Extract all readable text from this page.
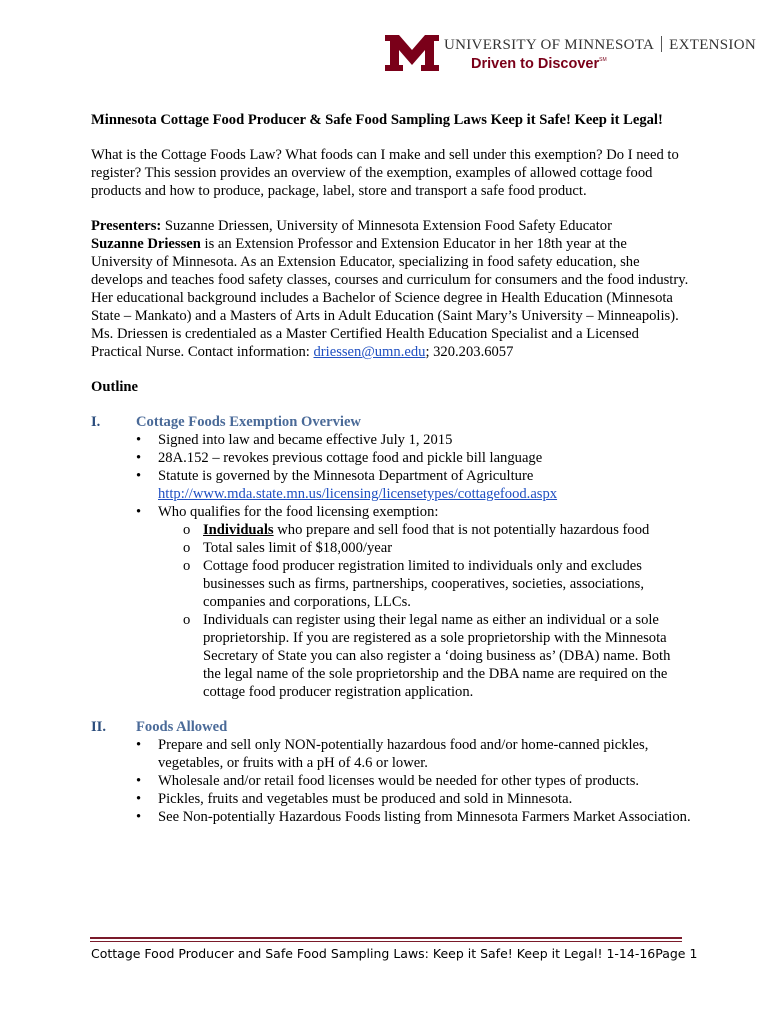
UNIVERSITY OF MINNESOTA EXTENSION
Driven to Discover℠

Minnesota Cottage Food Producer & Safe Food Sampling Laws Keep it Safe! Keep it Legal!

What is the Cottage Foods Law? What foods can I make and sell under this exemption? Do I need to register? This session provides an overview of the exemption, examples of allowed cottage food products and how to produce, package, label, store and transport a safe food product.

Presenters: Suzanne Driessen, University of Minnesota Extension Food Safety Educator

Suzanne Driessen is an Extension Professor and Extension Educator in her 18th year at the University of Minnesota. As an Extension Educator, specializing in food safety education, she develops and teaches food safety classes, courses and curriculum for consumers and the food industry. Her educational background includes a Bachelor of Science degree in Health Education (Minnesota State – Mankato) and a Masters of Arts in Adult Education (Saint Mary’s University – Minneapolis). Ms. Driessen is credentialed as a Master Certified Health Education Specialist and a Licensed Practical Nurse. Contact information: driessen@umn.edu; 320.203.6057

Outline

I. Cottage Foods Exemption Overview
• Signed into law and became effective July 1, 2015
• 28A.152 – revokes previous cottage food and pickle bill language
• Statute is governed by the Minnesota Department of Agriculture
http://www.mda.state.mn.us/licensing/licensetypes/cottagefood.aspx
• Who qualifies for the food licensing exemption:
o Individuals who prepare and sell food that is not potentially hazardous food
o Total sales limit of $18,000/year
o Cottage food producer registration limited to individuals only and excludes businesses such as firms, partnerships, cooperatives, societies, associations, companies and corporations, LLCs.
o Individuals can register using their legal name as either an individual or a sole proprietorship. If you are registered as a sole proprietorship with the Minnesota Secretary of State you can also register a ‘doing business as’ (DBA) name. Both the legal name of the sole proprietorship and the DBA name are required on the cottage food producer registration application.
II. Foods Allowed
• Prepare and sell only NON-potentially hazardous food and/or home-canned pickles, vegetables, or fruits with a pH of 4.6 or lower.
• Wholesale and/or retail food licenses would be needed for other types of products.
• Pickles, fruits and vegetables must be produced and sold in Minnesota.
• See Non-potentially Hazardous Foods listing from Minnesota Farmers Market Association.
Cottage Food Producer and Safe Food Sampling Laws: Keep it Safe! Keep it Legal! 1-14-16 Page 1
